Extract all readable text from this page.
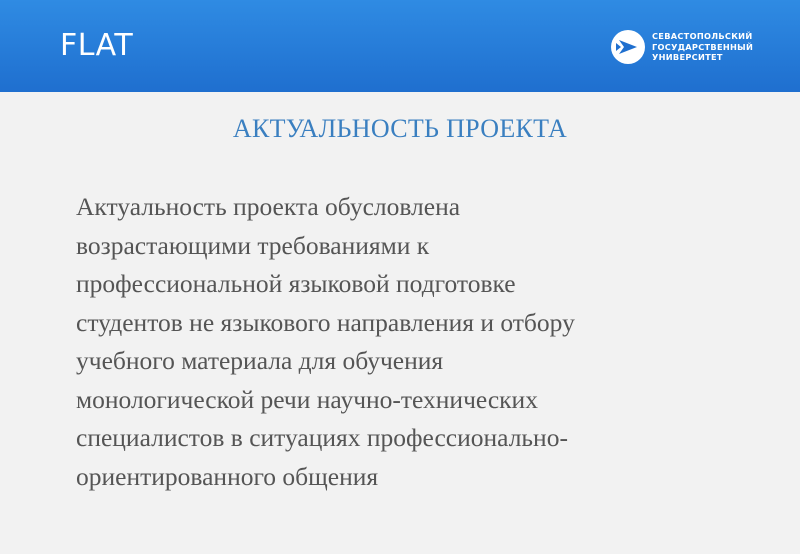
FLAT	СЕВАСТОПОЛЬСКИЙ
ГОСУДАРСТВЕННЫЙ
УНИВЕРСИТЕТ
АКТУАЛЬНОСТЬ ПРОЕКТА
Актуальность проекта обусловлена
возрастающими требованиями к
профессиональной языковой подготовке
студентов не языкового направления и отбору
учебного материала для обучения
монологической речи научно-технических
специалистов в ситуациях профессионально-
ориентированного общения
